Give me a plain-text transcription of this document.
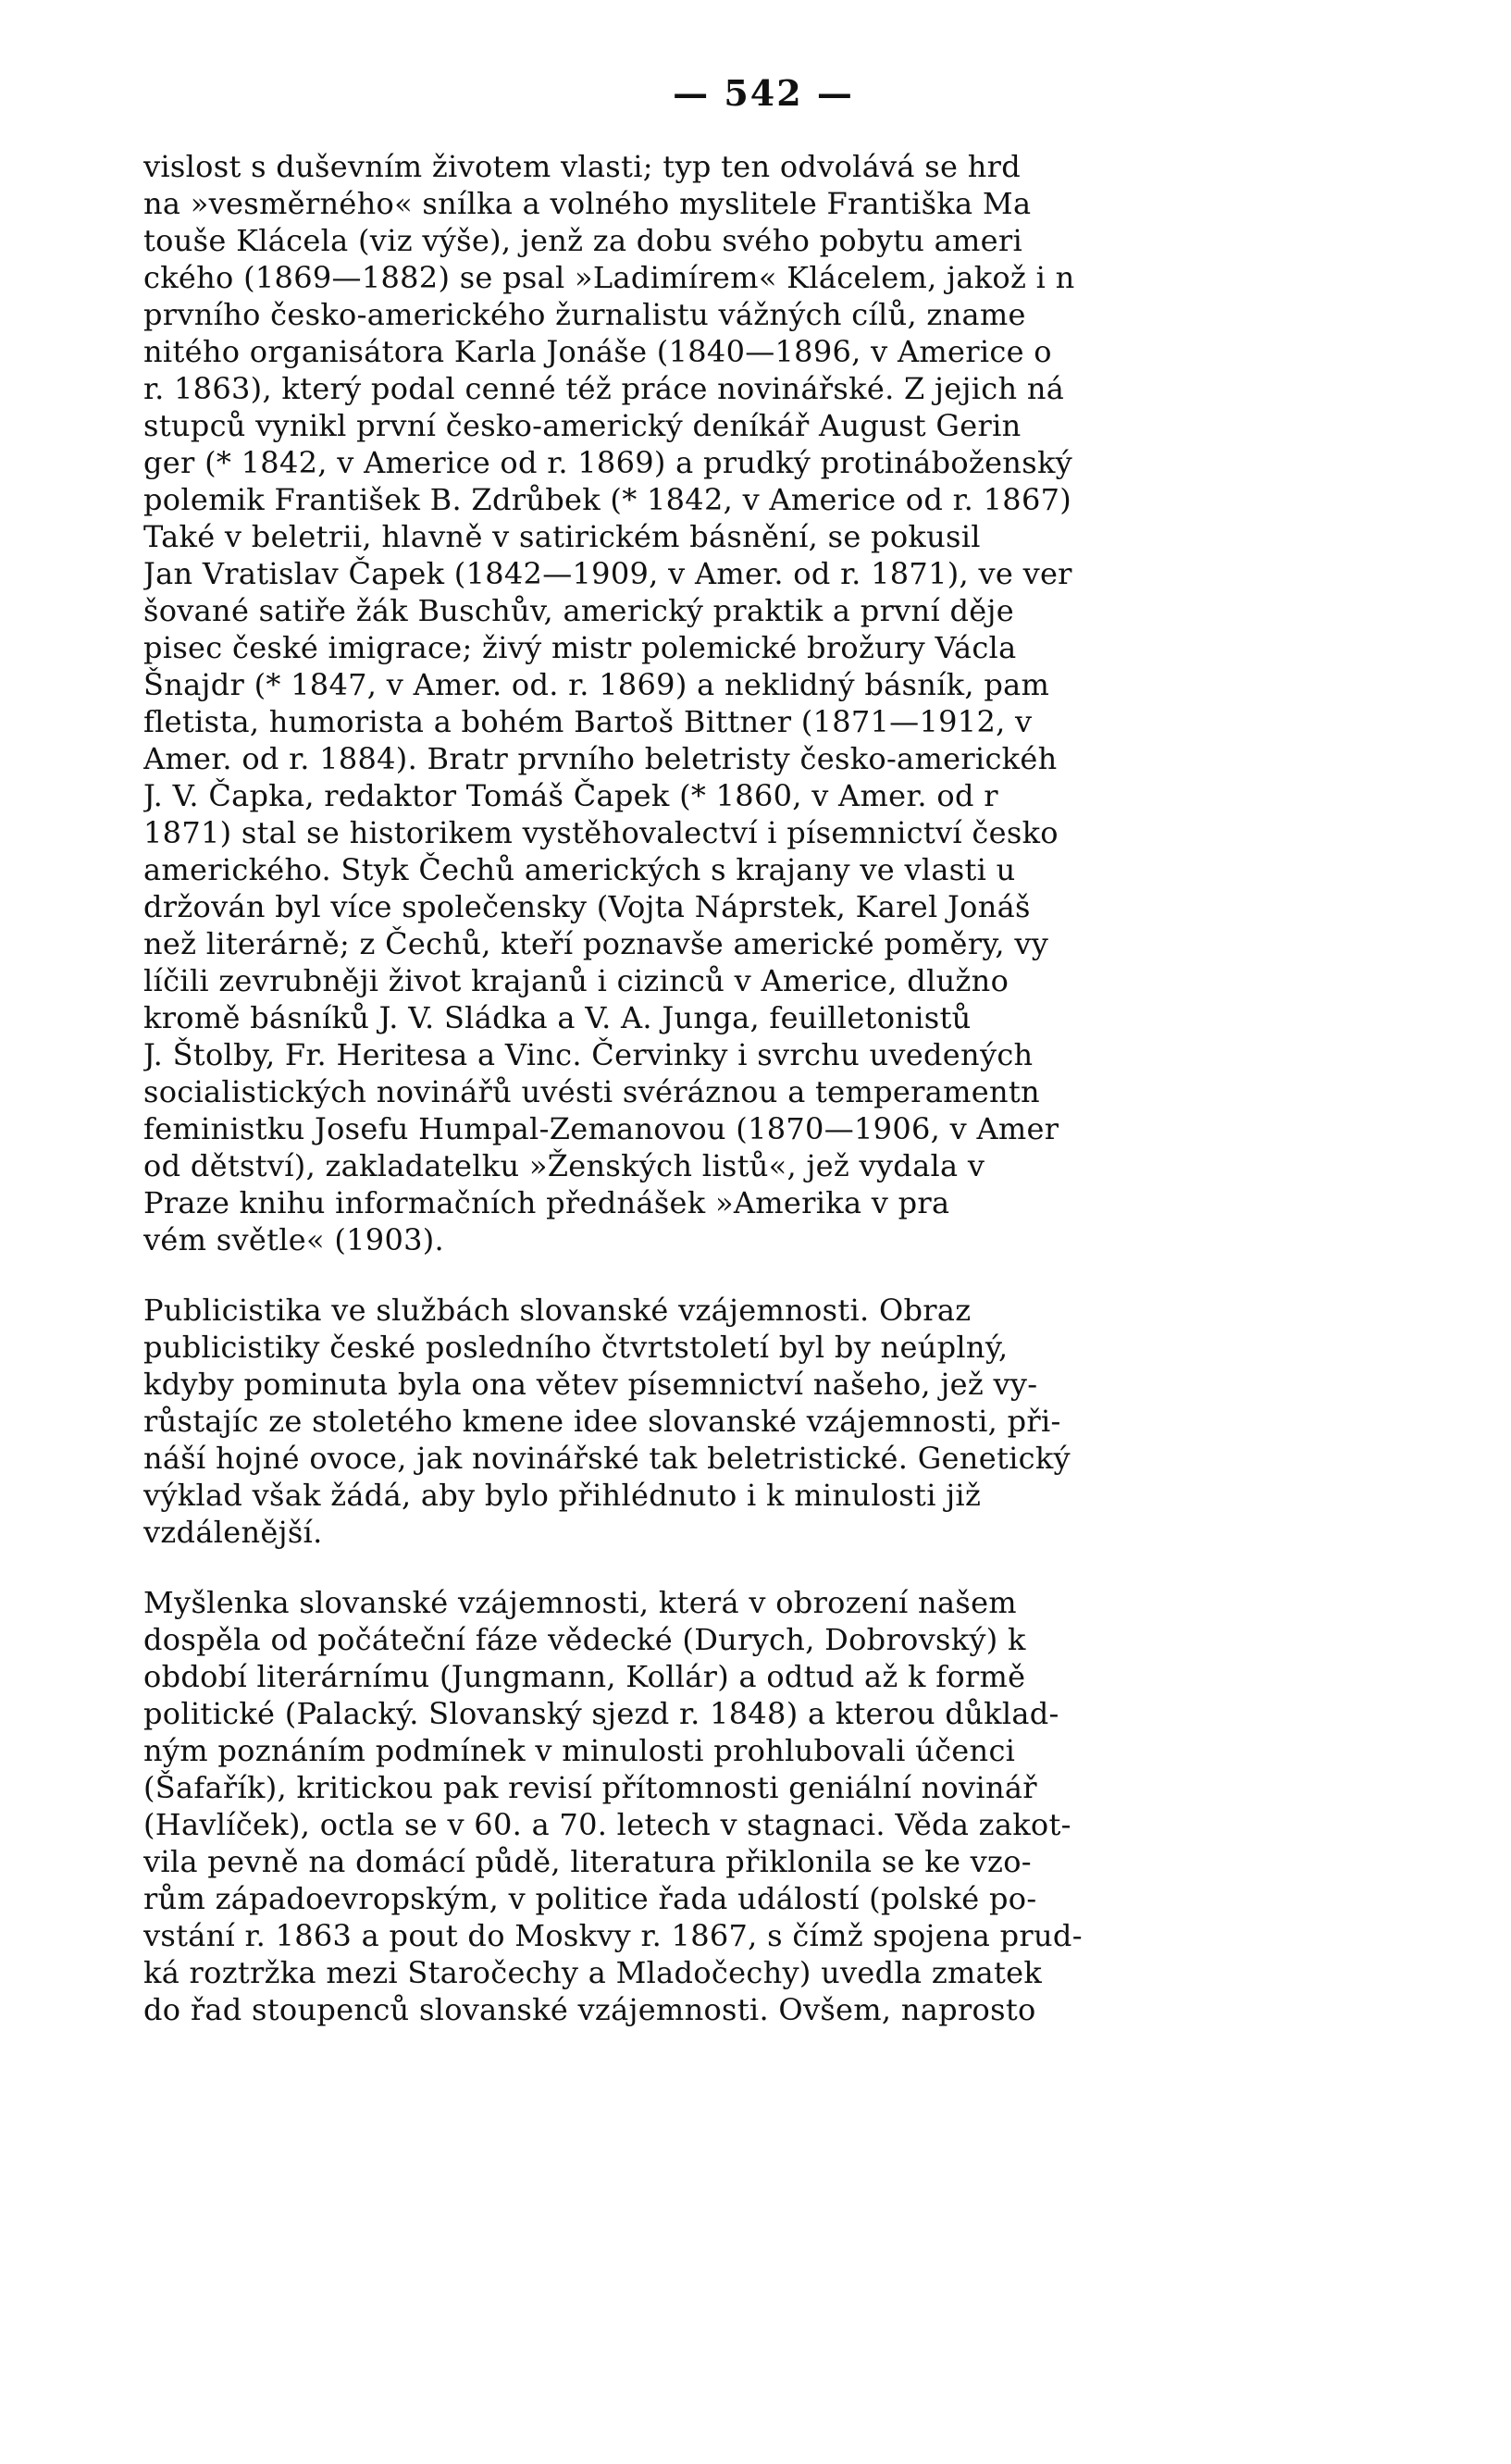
— 542 —
vislost s duševním životem vlasti; typ ten odvolává se hrd
na »vesměrného« snílka a volného myslitele Františka Ma
touše Klácela (viz výše), jenž za dobu svého pobytu ameri
ckého (1869—1882) se psal »Ladimírem« Klácelem, jakož i n
prvního česko-amerického žurnalistu vážných cílů, zname
nitého organisátora Karla Jonáše (1840—1896, v Americe o
r. 1863), který podal cenné též práce novinářské. Z jejich ná
stupců vynikl první česko-americký deníkář August Gerin
ger (* 1842, v Americe od r. 1869) a prudký protináboženský
polemik František B. Zdrůbek (* 1842, v Americe od r. 1867)
Také v beletrii, hlavně v satirickém básnění, se pokusil
Jan Vratislav Čapek (1842—1909, v Amer. od r. 1871), ve ver
šované satiře žák Buschův, americký praktik a první děje
pisec české imigrace; živý mistr polemické brožury Václa
Šnajdr (* 1847, v Amer. od. r. 1869) a neklidný básník, pam
fletista, humorista a bohém Bartoš Bittner (1871—1912, v
Amer. od r. 1884). Bratr prvního beletristy česko-americkéh
J. V. Čapka, redaktor Tomáš Čapek (* 1860, v Amer. od r
1871) stal se historikem vystěhovalectví i písemnictví česko
amerického. Styk Čechů amerických s krajany ve vlasti u
držován byl více společensky (Vojta Náprstek, Karel Jonáš
než literárně; z Čechů, kteří poznavše americké poměry, vy
líčili zevrubněji život krajanů i cizinců v Americe, dlužno
kromě básníků J. V. Sládka a V. A. Junga, feuilletonistů
J. Štolby, Fr. Heritesa a Vinc. Červinky i svrchu uvedených
socialistických novinářů uvésti svéráznou a temperamentn
feministku Josefu Humpal-Zemanovou (1870—1906, v Amer
od dětství), zakladatelku »Ženských listů«, jež vydala v
Praze knihu informačních přednášek »Amerika v pra
vém světle« (1903).
Publicistika ve službách slovanské vzájemnosti. Obraz
publicistiky české posledního čtvrtstoletí byl by neúplný,
kdyby pominuta byla ona větev písemnictví našeho, jež vy-
růstajíc ze stoletého kmene idee slovanské vzájemnosti, při-
náší hojné ovoce, jak novinářské tak beletristické. Genetický
výklad však žádá, aby bylo přihlédnuto i k minulosti již
vzdálenější.
Myšlenka slovanské vzájemnosti, která v obrození našem
dospěla od počáteční fáze vědecké (Durych, Dobrovský) k
období literárnímu (Jungmann, Kollár) a odtud až k formě
politické (Palacký. Slovanský sjezd r. 1848) a kterou důklad-
ným poznáním podmínek v minulosti prohlubovali účenci
(Šafařík), kritickou pak revisí přítomnosti geniální novinář
(Havlíček), octla se v 60. a 70. letech v stagnaci. Věda zakot-
vila pevně na domácí půdě, literatura přiklonila se ke vzo-
rům západoevropským, v politice řada událostí (polské po-
vstání r. 1863 a pout do Moskvy r. 1867, s čímž spojena prud-
ká roztržka mezi Staročechy a Mladočechy) uvedla zmatek
do řad stoupenců slovanské vzájemnosti. Ovšem, naprosto
